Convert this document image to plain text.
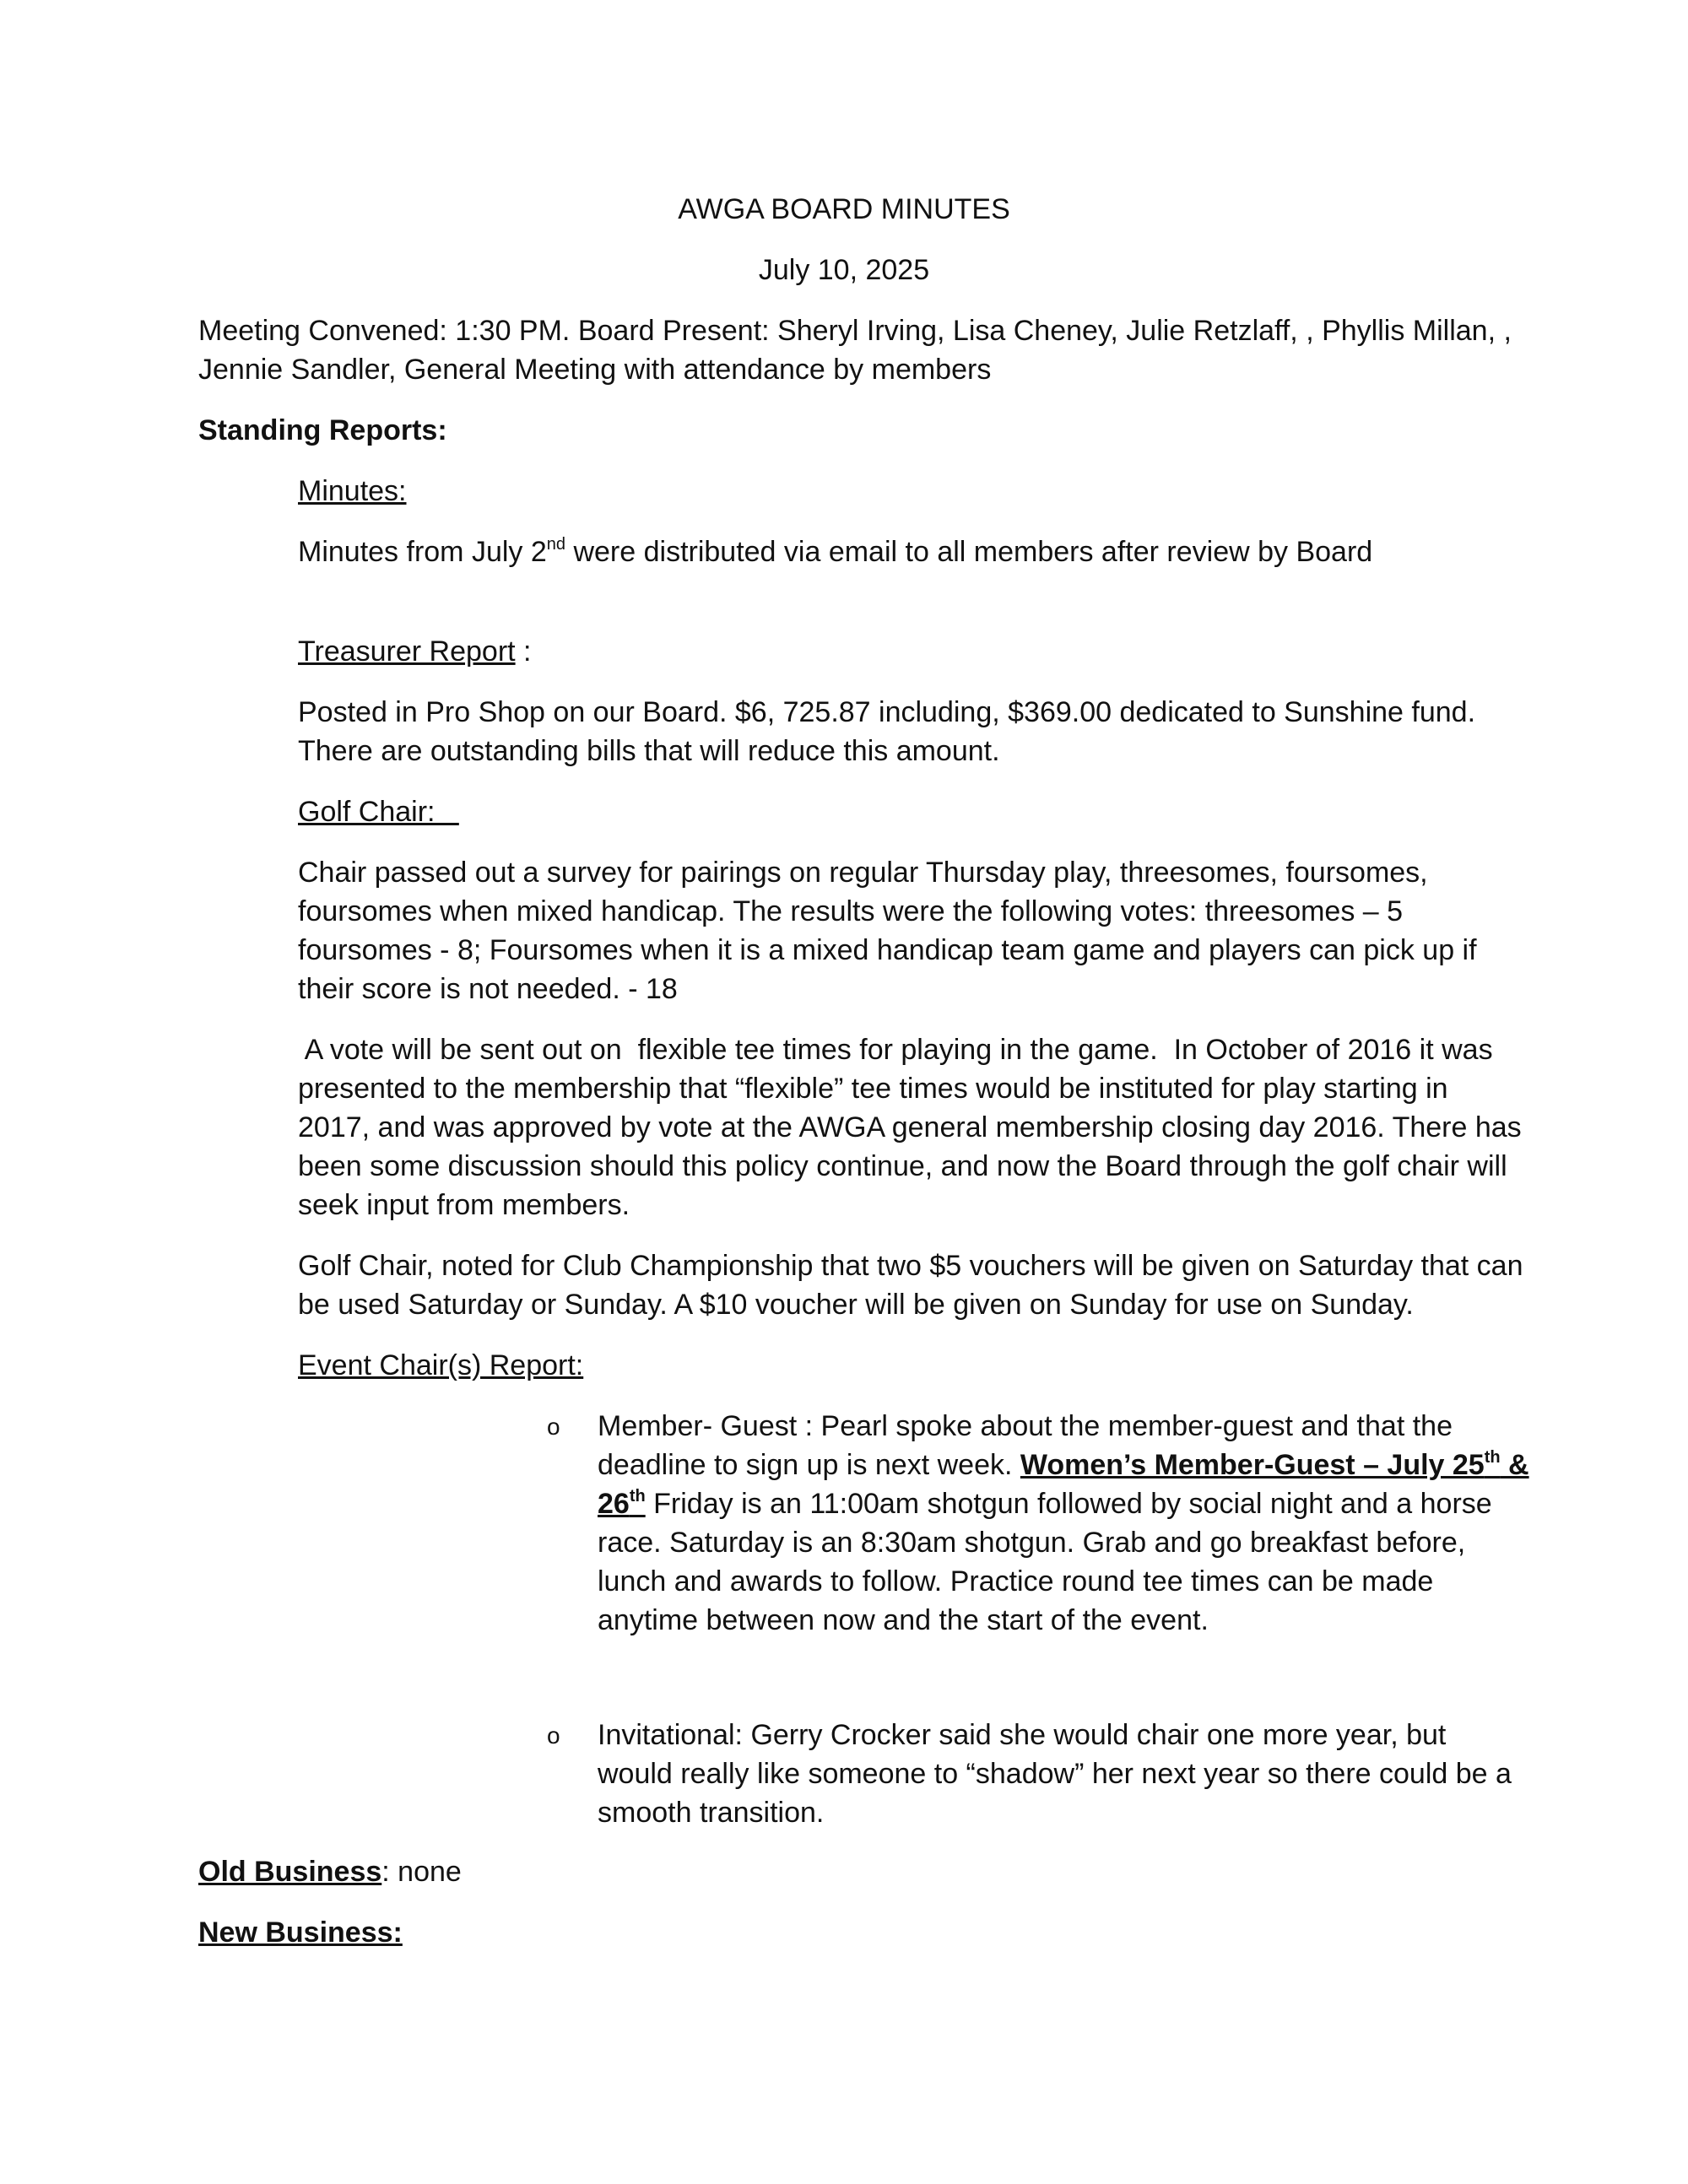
AWGA BOARD MINUTES
July 10, 2025
Meeting Convened: 1:30 PM. Board Present: Sheryl Irving, Lisa Cheney, Julie Retzlaff, , Phyllis Millan, ,
Jennie Sandler, General Meeting with attendance by members
Standing Reports:
Minutes:
Minutes from July 2nd were distributed via email to all members after review by Board
Treasurer Report :
Posted in Pro Shop on our Board. $6, 725.87 including, $369.00 dedicated to Sunshine fund.
There are outstanding bills that will reduce this amount.
Golf Chair:
Chair passed out a survey for pairings on regular Thursday play, threesomes, foursomes,
foursomes when mixed handicap. The results were the following votes: threesomes – 5
foursomes - 8; Foursomes when it is a mixed handicap team game and players can pick up if
their score is not needed. - 18
A vote will be sent out on  flexible tee times for playing in the game.  In October of 2016 it was
presented to the membership that “flexible” tee times would be instituted for play starting in
2017, and was approved by vote at the AWGA general membership closing day 2016. There has
been some discussion should this policy continue, and now the Board through the golf chair will
seek input from members.
Golf Chair, noted for Club Championship that two $5 vouchers will be given on Saturday that can
be used Saturday or Sunday. A $10 voucher will be given on Sunday for use on Sunday.
Event Chair(s) Report:
o Member- Guest : Pearl spoke about the member-guest and that the
deadline to sign up is next week. Women’s Member-Guest – July 25th &
26th Friday is an 11:00am shotgun followed by social night and a horse
race. Saturday is an 8:30am shotgun. Grab and go breakfast before,
lunch and awards to follow. Practice round tee times can be made
anytime between now and the start of the event.
o Invitational: Gerry Crocker said she would chair one more year, but
would really like someone to “shadow” her next year so there could be a
smooth transition.
Old Business: none
New Business:
